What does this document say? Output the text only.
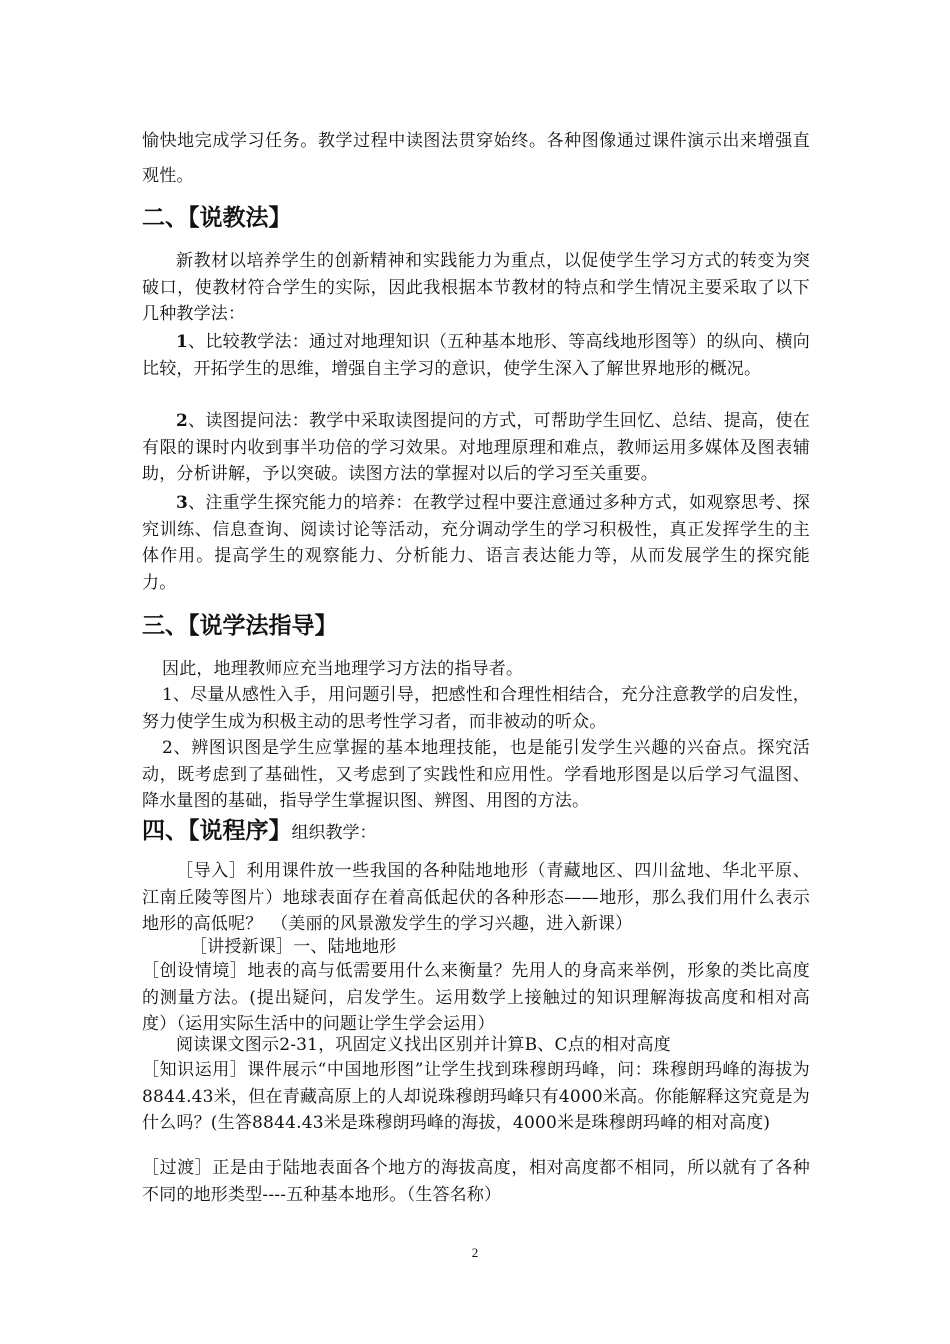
愉快地完成学习任务。教学过程中读图法贯穿始终。各种图像通过课件演示出来增强直观性。

二、【说教法】

新教材以培养学生的创新精神和实践能力为重点，以促使学生学习方式的转变为突破口，使教材符合学生的实际，因此我根据本节教材的特点和学生情况主要采取了以下几种教学法：

1、比较教学法：通过对地理知识（五种基本地形、等高线地形图等）的纵向、横向比较，开拓学生的思维，增强自主学习的意识，使学生深入了解世界地形的概况。

2、读图提问法：教学中采取读图提问的方式，可帮助学生回忆、总结、提高，使在有限的课时内收到事半功倍的学习效果。对地理原理和难点，教师运用多媒体及图表辅助，分析讲解，予以突破。读图方法的掌握对以后的学习至关重要。

3、注重学生探究能力的培养：在教学过程中要注意通过多种方式，如观察思考、探究训练、信息查询、阅读讨论等活动，充分调动学生的学习积极性，真正发挥学生的主体作用。提高学生的观察能力、分析能力、语言表达能力等，从而发展学生的探究能力。

三、【说学法指导】

因此，地理教师应充当地理学习方法的指导者。

1、尽量从感性入手，用问题引导，把感性和合理性相结合，充分注意教学的启发性，努力使学生成为积极主动的思考性学习者，而非被动的听众。

2、辨图识图是学生应掌握的基本地理技能，也是能引发学生兴趣的兴奋点。探究活动，既考虑到了基础性，又考虑到了实践性和应用性。学看地形图是以后学习气温图、降水量图的基础，指导学生掌握识图、辨图、用图的方法。

四、【说程序】组织教学：

［导入］利用课件放一些我国的各种陆地地形（青藏地区、四川盆地、华北平原、江南丘陵等图片）地球表面存在着高低起伏的各种形态——地形，那么我们用什么表示地形的高低呢？　（美丽的风景激发学生的学习兴趣，进入新课）

［讲授新课］一、陆地地形

［创设情境］地表的高与低需要用什么来衡量？先用人的身高来举例，形象的类比高度的测量方法。(提出疑问，启发学生。运用数学上接触过的知识理解海拔高度和相对高度）（运用实际生活中的问题让学生学会运用）

阅读课文图示2-31，巩固定义找出区别并计算B、C点的相对高度

［知识运用］课件展示“中国地形图”让学生找到珠穆朗玛峰，问：珠穆朗玛峰的海拔为8844.43米，但在青藏高原上的人却说珠穆朗玛峰只有4000米高。你能解释这究竟是为什么吗？(生答8844.43米是珠穆朗玛峰的海拔，4000米是珠穆朗玛峰的相对高度)

［过渡］正是由于陆地表面各个地方的海拔高度，相对高度都不相同，所以就有了各种不同的地形类型----五种基本地形。（生答名称）

2
